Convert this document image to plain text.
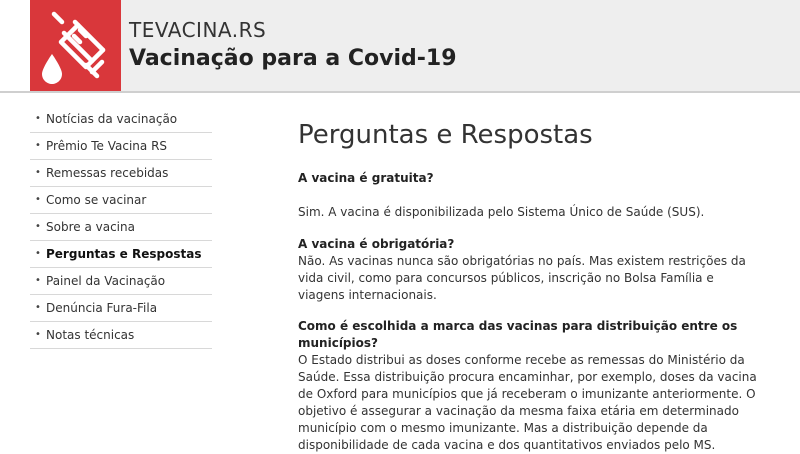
TEVACINA.RS
Vacinação para a Covid-19
• Notícias da vacinação
• Prêmio Te Vacina RS
• Remessas recebidas
• Como se vacinar
• Sobre a vacina
• Perguntas e Respostas
• Painel da Vacinação
• Denúncia Fura-Fila
• Notas técnicas
Perguntas e Respostas
A vacina é gratuita?
Sim. A vacina é disponibilizada pelo Sistema Único de Saúde (SUS).
A vacina é obrigatória?
Não. As vacinas nunca são obrigatórias no país. Mas existem restrições da vida civil, como para concursos públicos, inscrição no Bolsa Família e viagens internacionais.
Como é escolhida a marca das vacinas para distribuição entre os municípios?
O Estado distribui as doses conforme recebe as remessas do Ministério da Saúde. Essa distribuição procura encaminhar, por exemplo, doses da vacina de Oxford para municípios que já receberam o imunizante anteriormente. O objetivo é assegurar a vacinação da mesma faixa etária em determinado município com o mesmo imunizante. Mas a distribuição depende da disponibilidade de cada vacina e dos quantitativos enviados pelo MS.
